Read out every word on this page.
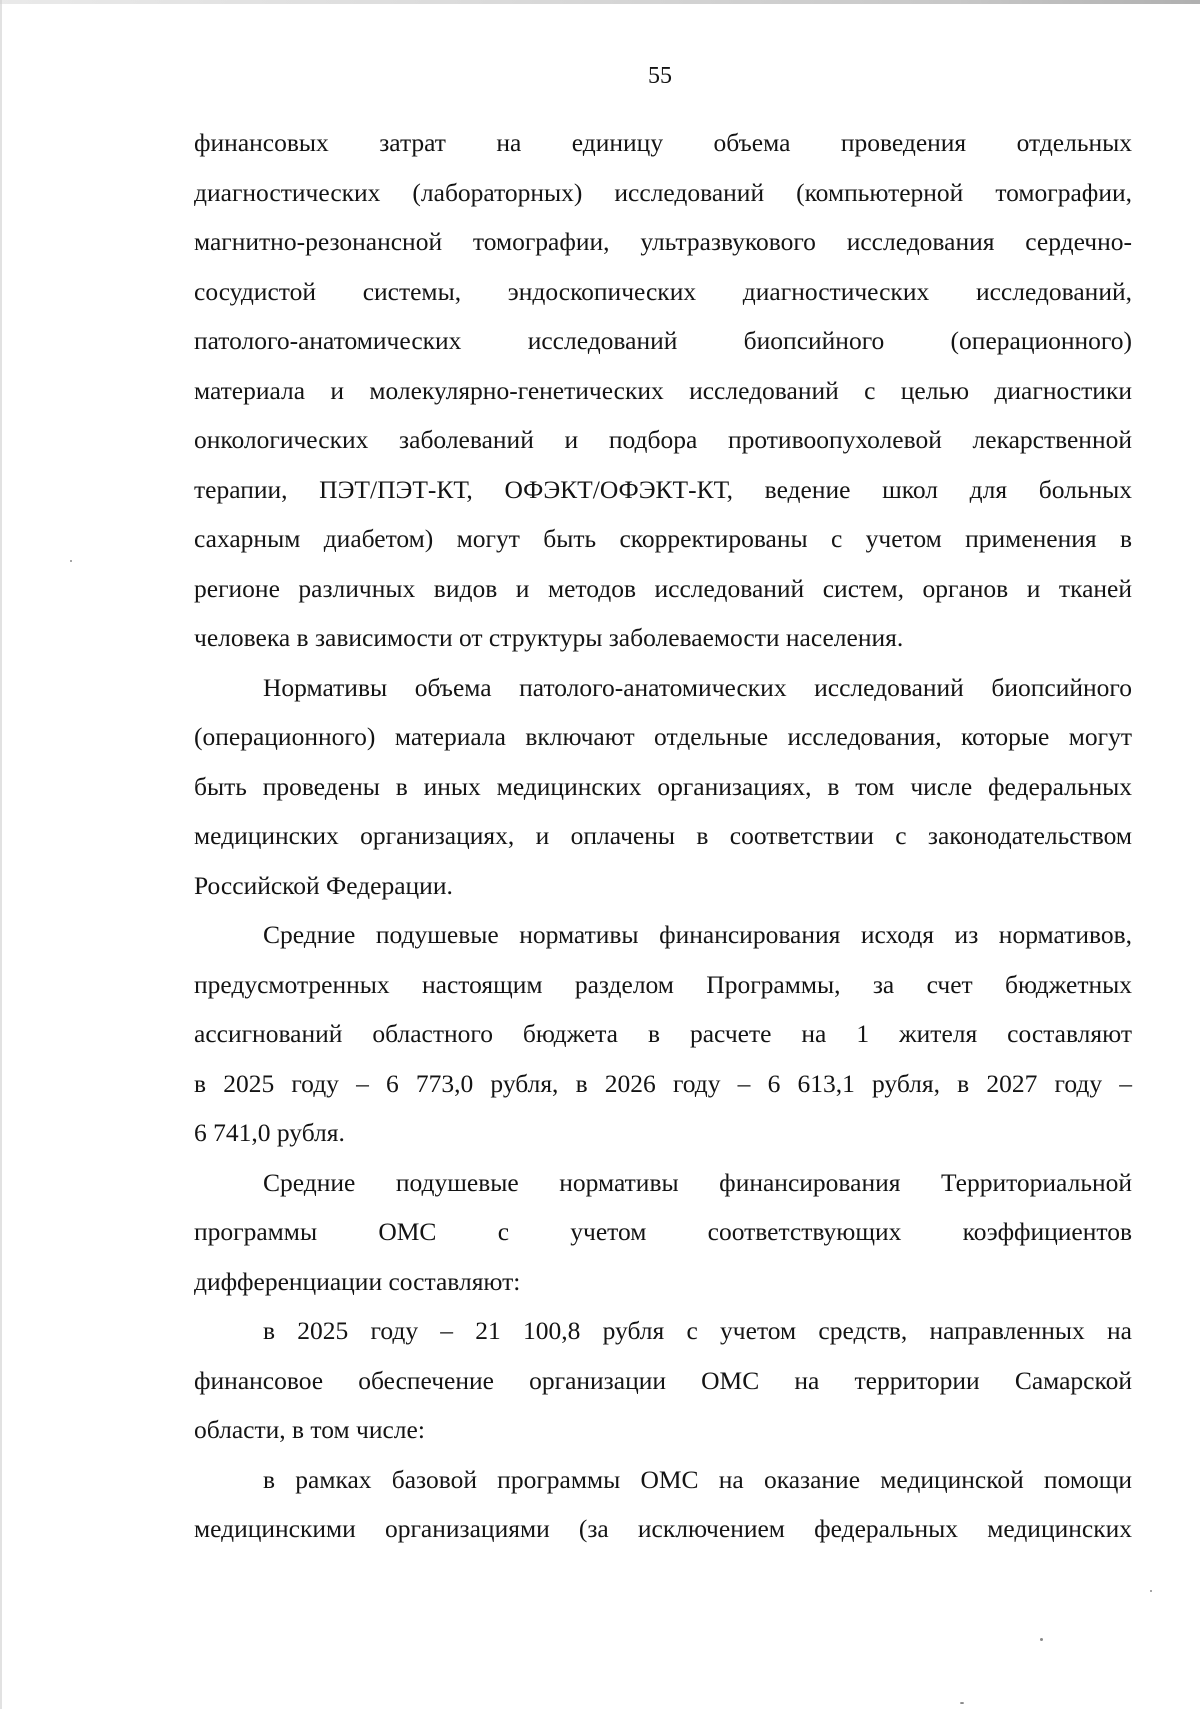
55
финансовых затрат на единицу объема проведения отдельных
диагностических (лабораторных) исследований (компьютерной томографии,
магнитно-резонансной томографии, ультразвукового исследования сердечно-
сосудистой системы, эндоскопических диагностических исследований,
патолого-анатомических исследований биопсийного (операционного)
материала и молекулярно-генетических исследований с целью диагностики
онкологических заболеваний и подбора противоопухолевой лекарственной
терапии, ПЭТ/ПЭТ-КТ, ОФЭКТ/ОФЭКТ-КТ, ведение школ для больных
сахарным диабетом) могут быть скорректированы с учетом применения в
регионе различных видов и методов исследований систем, органов и тканей
человека в зависимости от структуры заболеваемости населения.
Нормативы объема патолого-анатомических исследований биопсийного
(операционного) материала включают отдельные исследования, которые могут
быть проведены в иных медицинских организациях, в том числе федеральных
медицинских организациях, и оплачены в соответствии с законодательством
Российской Федерации.
Средние подушевые нормативы финансирования исходя из нормативов,
предусмотренных настоящим разделом Программы, за счет бюджетных
ассигнований областного бюджета в расчете на 1 жителя составляют
в 2025 году – 6 773,0 рубля, в 2026 году – 6 613,1 рубля, в 2027 году –
6 741,0 рубля.
Средние подушевые нормативы финансирования Территориальной
программы ОМС с учетом соответствующих коэффициентов
дифференциации составляют:
в 2025 году – 21 100,8 рубля с учетом средств, направленных на
финансовое обеспечение организации ОМС на территории Самарской
области, в том числе:
в рамках базовой программы ОМС на оказание медицинской помощи
медицинскими организациями (за исключением федеральных медицинских
